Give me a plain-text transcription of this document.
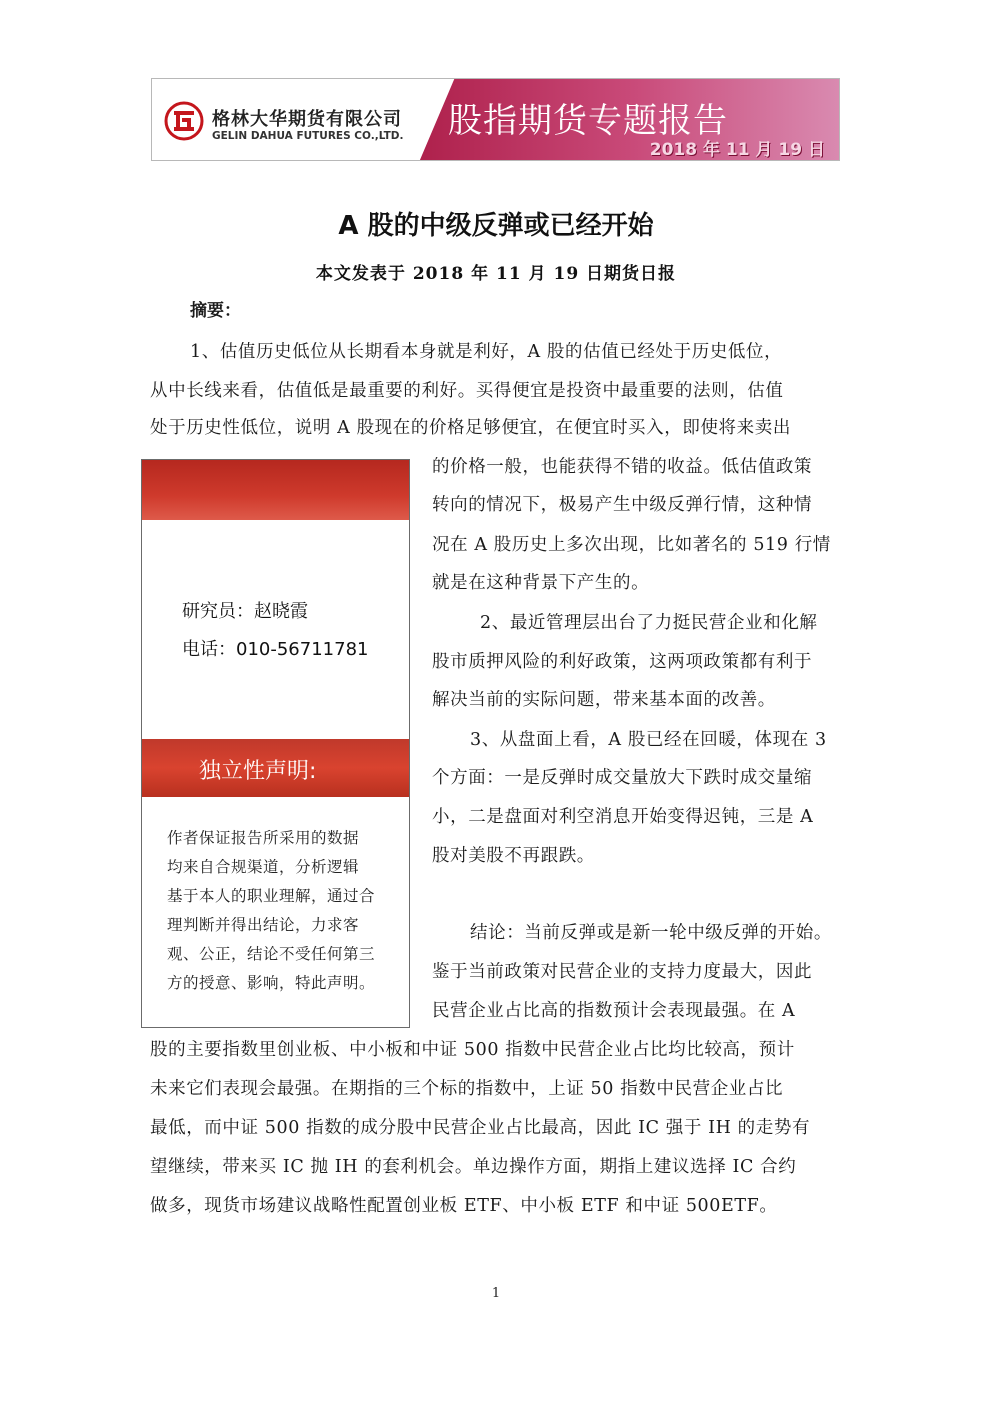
格林大华期货有限公司
GELIN DAHUA FUTURES CO.,LTD. 股指期货专题报告
2018 年 11 月 19 日
A 股的中级反弹或已经开始
本文发表于 2018 年 11 月 19 日期货日报
摘要：
1、估值历史低位从长期看本身就是利好，A 股的估值已经处于历史低位，
从中长线来看，估值低是最重要的利好。买得便宜是投资中最重要的法则，估值
处于历史性低位，说明 A 股现在的价格足够便宜，在便宜时买入，即使将来卖出
的价格一般，也能获得不错的收益。低估值政策
转向的情况下，极易产生中级反弹行情，这种情
况在 A 股历史上多次出现，比如著名的 519 行情
就是在这种背景下产生的。
2、最近管理层出台了力挺民营企业和化解
股市质押风险的利好政策，这两项政策都有利于
解决当前的实际问题，带来基本面的改善。
3、从盘面上看，A 股已经在回暖，体现在 3
个方面：一是反弹时成交量放大下跌时成交量缩
小，二是盘面对利空消息开始变得迟钝，三是 A
股对美股不再跟跌。
结论：当前反弹或是新一轮中级反弹的开始。
鉴于当前政策对民营企业的支持力度最大，因此
民营企业占比高的指数预计会表现最强。在 A
股的主要指数里创业板、中小板和中证 500 指数中民营企业占比均比较高，预计
未来它们表现会最强。在期指的三个标的指数中，上证 50 指数中民营企业占比
最低，而中证 500 指数的成分股中民营企业占比最高，因此 IC 强于 IH 的走势有
望继续，带来买 IC 抛 IH 的套利机会。单边操作方面，期指上建议选择 IC 合约
做多，现货市场建议战略性配置创业板 ETF、中小板 ETF 和中证 500ETF。
研究员：赵晓霞
电话：010-56711781
独立性声明:
作者保证报告所采用的数据
均来自合规渠道，分析逻辑
基于本人的职业理解，通过合
理判断并得出结论，力求客
观、公正，结论不受任何第三
方的授意、影响，特此声明。
1
